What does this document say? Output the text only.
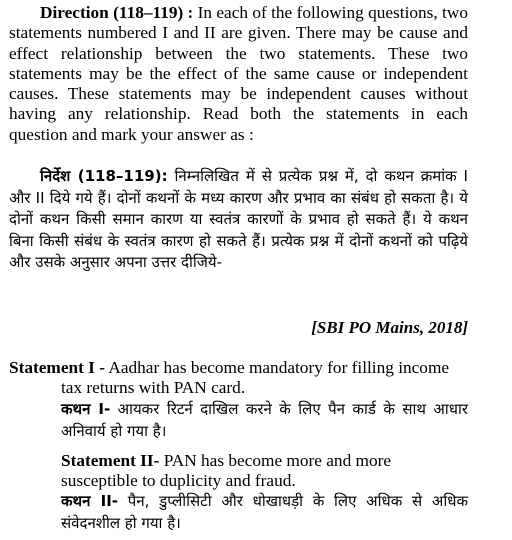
Direction (118–119) : In each of the following questions, two statements numbered I and II are given. There may be cause and effect relationship between the two statements. These two statements may be the effect of the same cause or independent causes. These statements may be independent causes without having any relationship. Read both the statements in each question and mark your answer as :

निर्देश (118–119): निम्नलिखित में से प्रत्येक प्रश्न में, दो कथन क्रमांक I और II दिये गये हैं। दोनों कथनों के मध्य कारण और प्रभाव का संबंध हो सकता है। ये दोनों कथन किसी समान कारण या स्वतंत्र कारणों के प्रभाव हो सकते हैं। ये कथन बिना किसी संबंध के स्वतंत्र कारण हो सकते हैं। प्रत्येक प्रश्न में दोनों कथनों को पढ़िये और उसके अनुसार अपना उत्तर दीजिये-

[SBI PO Mains, 2018]
Statement I - Aadhar has become mandatory for filling income tax returns with PAN card.

कथन I- आयकर रिटर्न दाखिल करने के लिए पैन कार्ड के साथ आधार अनिवार्य हो गया है।

Statement II- PAN has become more and more susceptible to duplicity and fraud.

कथन II- पैन, डुप्लीसिटी और धोखाधड़ी के लिए अधिक से अधिक संवेदनशील हो गया है।
